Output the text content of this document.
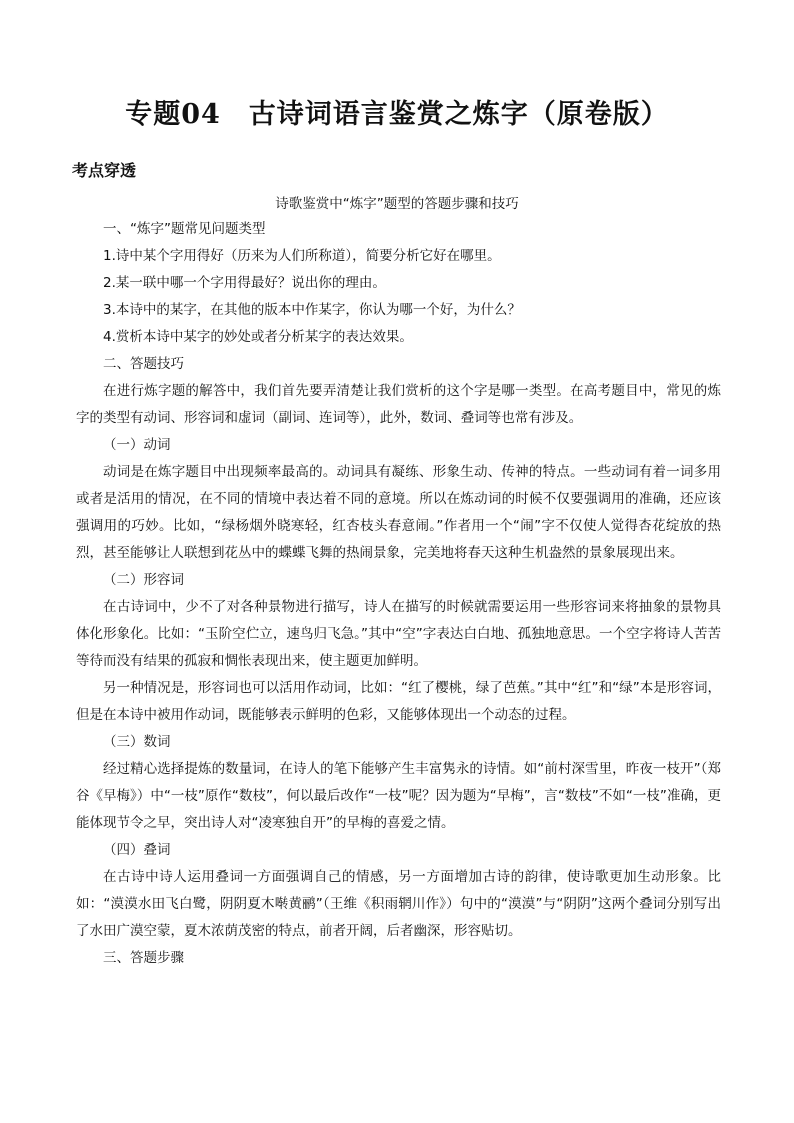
专题04　古诗词语言鉴赏之炼字（原卷版）
考点穿透
诗歌鉴赏中“炼字”题型的答题步骤和技巧

一、“炼字”题常见问题类型

1.诗中某个字用得好（历来为人们所称道），简要分析它好在哪里。

2.某一联中哪一个字用得最好？说出你的理由。

3.本诗中的某字，在其他的版本中作某字，你认为哪一个好，为什么？

4.赏析本诗中某字的妙处或者分析某字的表达效果。

二、答题技巧

在进行炼字题的解答中，我们首先要弄清楚让我们赏析的这个字是哪一类型。在高考题目中，常见的炼字的类型有动词、形容词和虚词（副词、连词等），此外，数词、叠词等也常有涉及。

（一）动词

动词是在炼字题目中出现频率最高的。动词具有凝练、形象生动、传神的特点。一些动词有着一词多用或者是活用的情况，在不同的情境中表达着不同的意境。所以在炼动词的时候不仅要强调用的准确，还应该强调用的巧妙。比如，“绿杨烟外晓寒轻，红杏枝头春意闹。”作者用一个“闹”字不仅使人觉得杏花绽放的热烈，甚至能够让人联想到花丛中的蝶蝶飞舞的热闹景象，完美地将春天这种生机盎然的景象展现出来。

（二）形容词

在古诗词中，少不了对各种景物进行描写，诗人在描写的时候就需要运用一些形容词来将抽象的景物具体化形象化。比如：“玉阶空伫立，速鸟归飞急。”其中“空”字表达白白地、孤独地意思。一个空字将诗人苦苦等待而没有结果的孤寂和惆怅表现出来，使主题更加鲜明。

另一种情况是，形容词也可以活用作动词，比如：“红了樱桃，绿了芭蕉。”其中“红”和“绿”本是形容词，但是在本诗中被用作动词，既能够表示鲜明的色彩，又能够体现出一个动态的过程。

（三）数词

经过精心选择提炼的数量词，在诗人的笔下能够产生丰富隽永的诗情。如“前村深雪里，昨夜一枝开”（郑谷《早梅》）中“一枝”原作“数枝”，何以最后改作“一枝”呢？因为题为“早梅”，言“数枝”不如“一枝”准确，更能体现节令之早，突出诗人对“凌寒独自开”的早梅的喜爱之情。

（四）叠词

在古诗中诗人运用叠词一方面强调自己的情感，另一方面增加古诗的韵律，使诗歌更加生动形象。比如：“漠漠水田飞白鹭，阴阴夏木啭黄鹂”（王维《积雨辋川作》）句中的“漠漠”与“阴阴”这两个叠词分别写出了水田广漠空蒙，夏木浓荫茂密的特点，前者开阔，后者幽深，形容贴切。

三、答题步骤
